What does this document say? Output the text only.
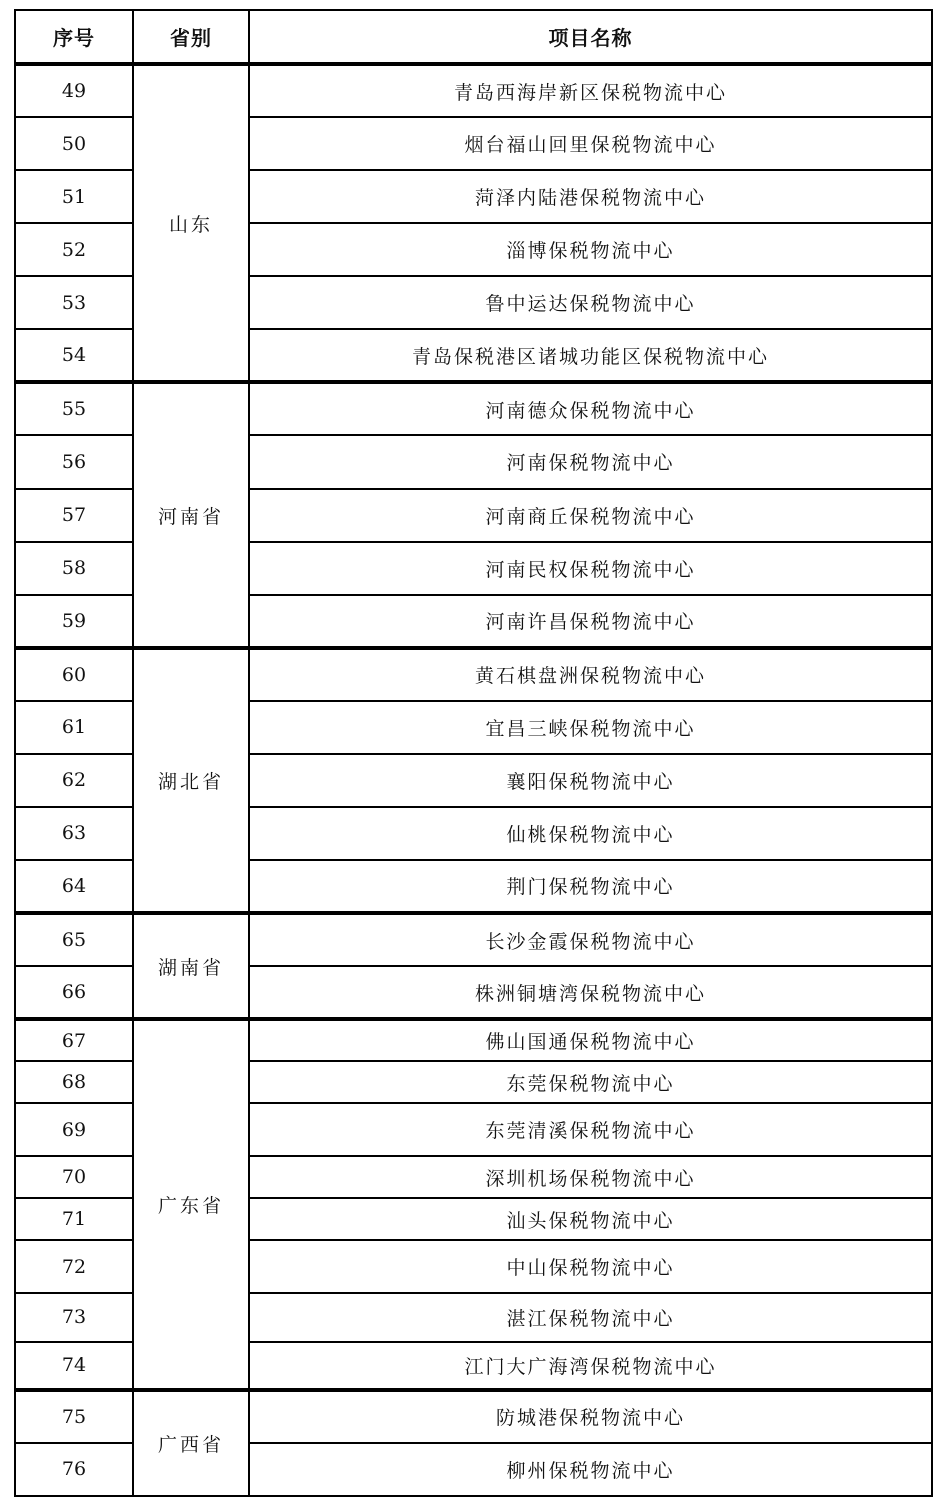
序号	省别	项目名称
49	山东	青岛西海岸新区保税物流中心
50		烟台福山回里保税物流中心
51		菏泽内陆港保税物流中心
52		淄博保税物流中心
53		鲁中运达保税物流中心
54		青岛保税港区诸城功能区保税物流中心
55	河南省	河南德众保税物流中心
56		河南保税物流中心
57		河南商丘保税物流中心
58		河南民权保税物流中心
59		河南许昌保税物流中心
60	湖北省	黄石棋盘洲保税物流中心
61		宜昌三峡保税物流中心
62		襄阳保税物流中心
63		仙桃保税物流中心
64		荆门保税物流中心
65	湖南省	长沙金霞保税物流中心
66		株洲铜塘湾保税物流中心
67	广东省	佛山国通保税物流中心
68		东莞保税物流中心
69		东莞清溪保税物流中心
70		深圳机场保税物流中心
71		汕头保税物流中心
72		中山保税物流中心
73		湛江保税物流中心
74		江门大广海湾保税物流中心
75	广西省	防城港保税物流中心
76		柳州保税物流中心
